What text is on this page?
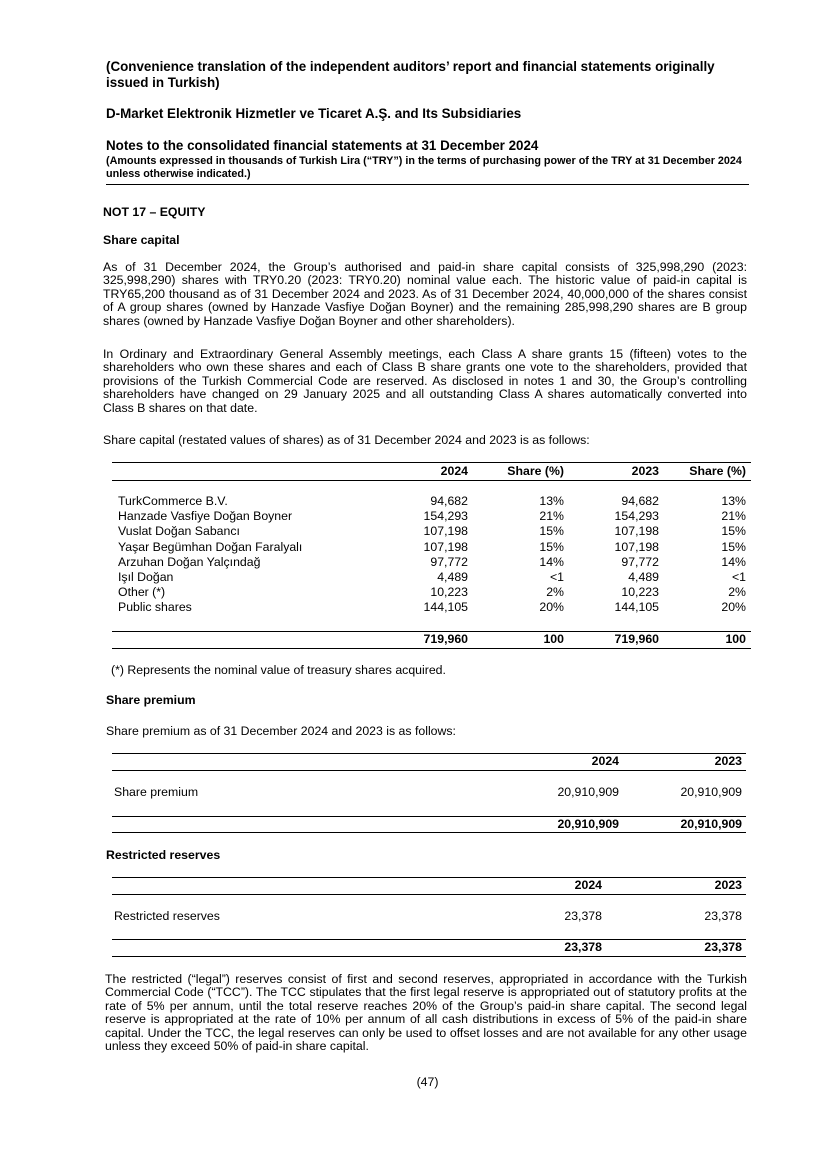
(Convenience translation of the independent auditors’ report and financial statements originally issued in Turkish)
D-Market Elektronik Hizmetler ve Ticaret A.Ş. and Its Subsidiaries
Notes to the consolidated financial statements at 31 December 2024
(Amounts expressed in thousands of Turkish Lira (“TRY”) in the terms of purchasing power of the TRY at 31 December 2024 unless otherwise indicated.)
NOT 17 – EQUITY
Share capital
As of 31 December 2024, the Group’s authorised and paid-in share capital consists of 325,998,290 (2023: 325,998,290) shares with TRY0.20 (2023: TRY0.20) nominal value each. The historic value of paid-in capital is TRY65,200 thousand as of 31 December 2024 and 2023. As of 31 December 2024, 40,000,000 of the shares consist of A group shares (owned by Hanzade Vasfiye Doğan Boyner) and the remaining 285,998,290 shares are B group shares (owned by Hanzade Vasfiye Doğan Boyner and other shareholders).
In Ordinary and Extraordinary General Assembly meetings, each Class A share grants 15 (fifteen) votes to the shareholders who own these shares and each of Class B share grants one vote to the shareholders, provided that provisions of the Turkish Commercial Code are reserved. As disclosed in notes 1 and 30, the Group’s controlling shareholders have changed on 29 January 2025 and all outstanding Class A shares automatically converted into Class B shares on that date.
Share capital (restated values of shares) as of 31 December 2024 and 2023 is as follows:
2024	Share (%)	2023	Share (%)
TurkCommerce B.V.	94,682	13%	94,682	13%
Hanzade Vasfiye Doğan Boyner	154,293	21%	154,293	21%
Vuslat Doğan Sabancı	107,198	15%	107,198	15%
Yaşar Begümhan Doğan Faralyalı	107,198	15%	107,198	15%
Arzuhan Doğan Yalçındağ	97,772	14%	97,772	14%
Işıl Doğan	4,489	<1	4,489	<1
Other (*)	10,223	2%	10,223	2%
Public shares	144,105	20%	144,105	20%
719,960	100	719,960	100
(*) Represents the nominal value of treasury shares acquired.
Share premium
Share premium as of 31 December 2024 and 2023 is as follows:
2024	2023
Share premium	20,910,909	20,910,909
20,910,909	20,910,909
Restricted reserves
2024	2023
Restricted reserves	23,378	23,378
23,378	23,378
The restricted (“legal”) reserves consist of first and second reserves, appropriated in accordance with the Turkish Commercial Code (“TCC”). The TCC stipulates that the first legal reserve is appropriated out of statutory profits at the rate of 5% per annum, until the total reserve reaches 20% of the Group’s paid-in share capital. The second legal reserve is appropriated at the rate of 10% per annum of all cash distributions in excess of 5% of the paid-in share capital. Under the TCC, the legal reserves can only be used to offset losses and are not available for any other usage unless they exceed 50% of paid-in share capital.
(47)
